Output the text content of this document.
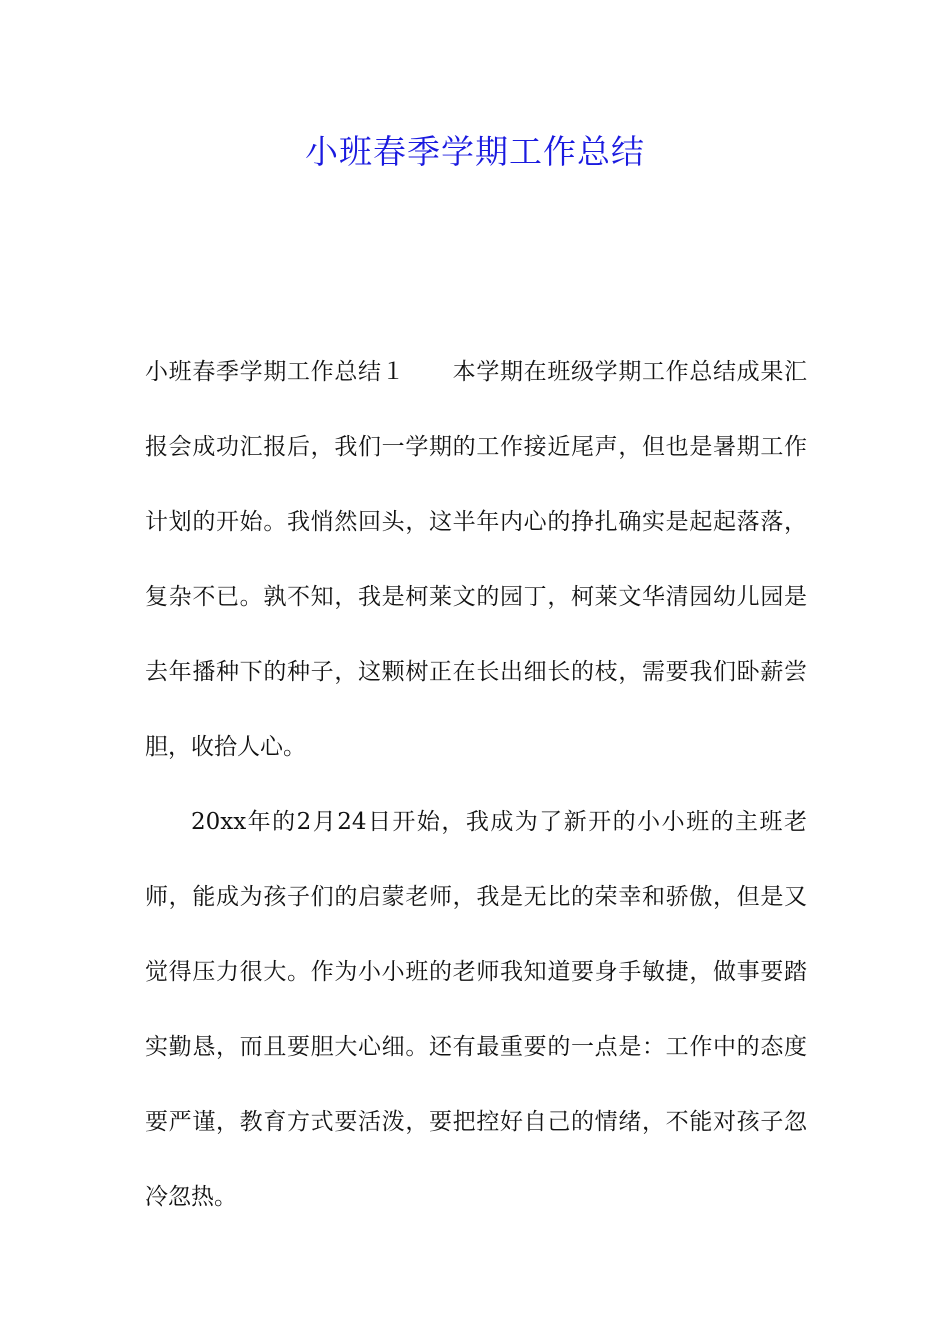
小班春季学期工作总结

小班春季学期工作总结１　　本学期在班级学期工作总结成果汇报会成功汇报后，我们一学期的工作接近尾声，但也是暑期工作计划的开始。我悄然回头，这半年内心的挣扎确实是起起落落，复杂不已。孰不知，我是柯莱文的园丁，柯莱文华清园幼儿园是去年播种下的种子，这颗树正在长出细长的枝，需要我们卧薪尝胆，收拾人心。

20xx年的2月24日开始，我成为了新开的小小班的主班老师，能成为孩子们的启蒙老师，我是无比的荣幸和骄傲，但是又觉得压力很大。作为小小班的老师我知道要身手敏捷，做事要踏实勤恳，而且要胆大心细。还有最重要的一点是：工作中的态度要严谨，教育方式要活泼，要把控好自己的情绪，不能对孩子忽冷忽热。
